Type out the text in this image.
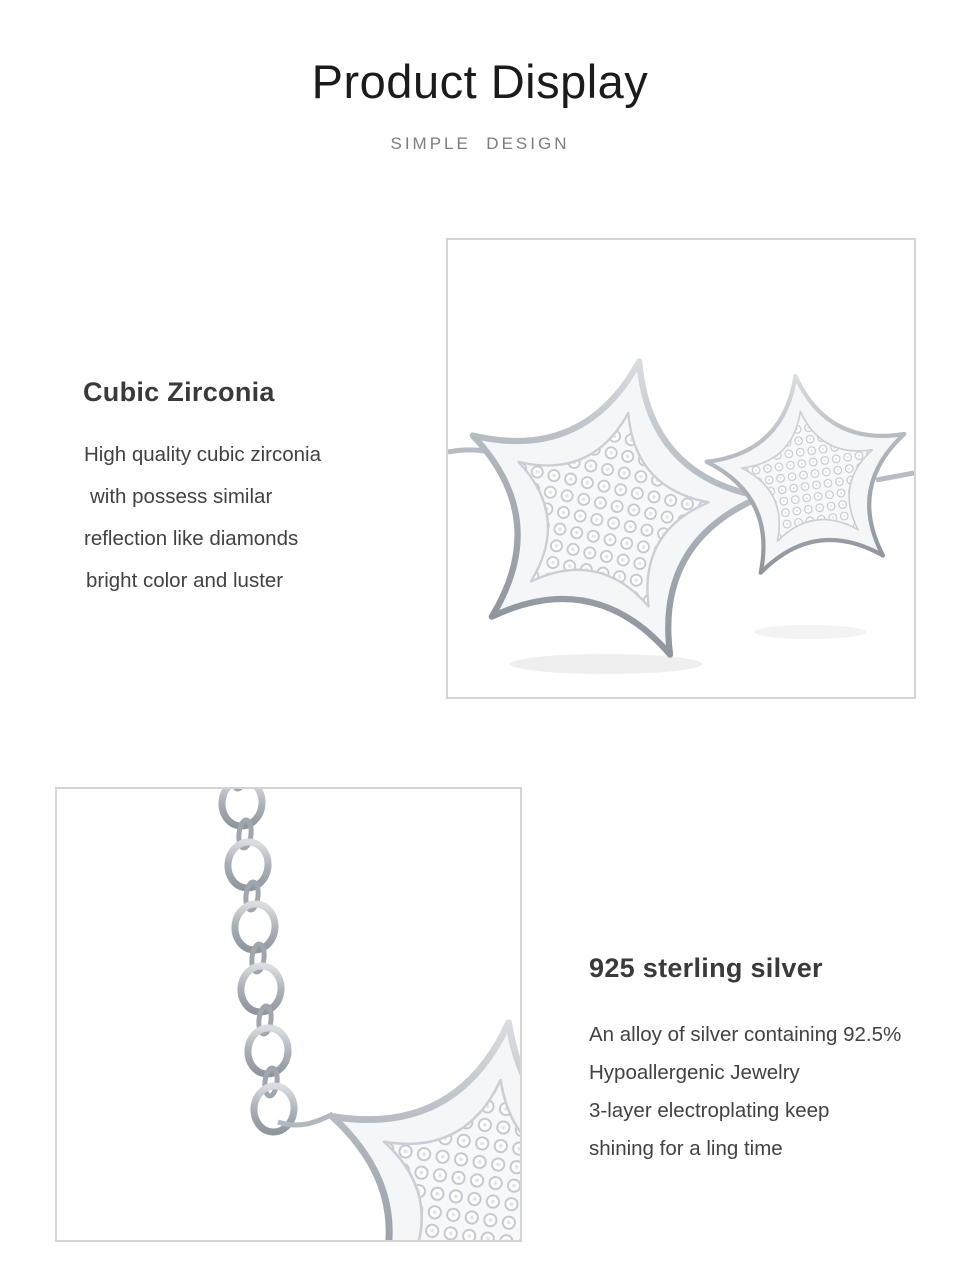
Product Display
SIMPLE  DESIGN
Cubic Zirconia
High quality cubic zirconia
with possess similar
reflection like diamonds
bright color and luster
925 sterling silver
An alloy of silver containing 92.5%
Hypoallergenic Jewelry
3-layer electroplating keep
shining for a ling time
